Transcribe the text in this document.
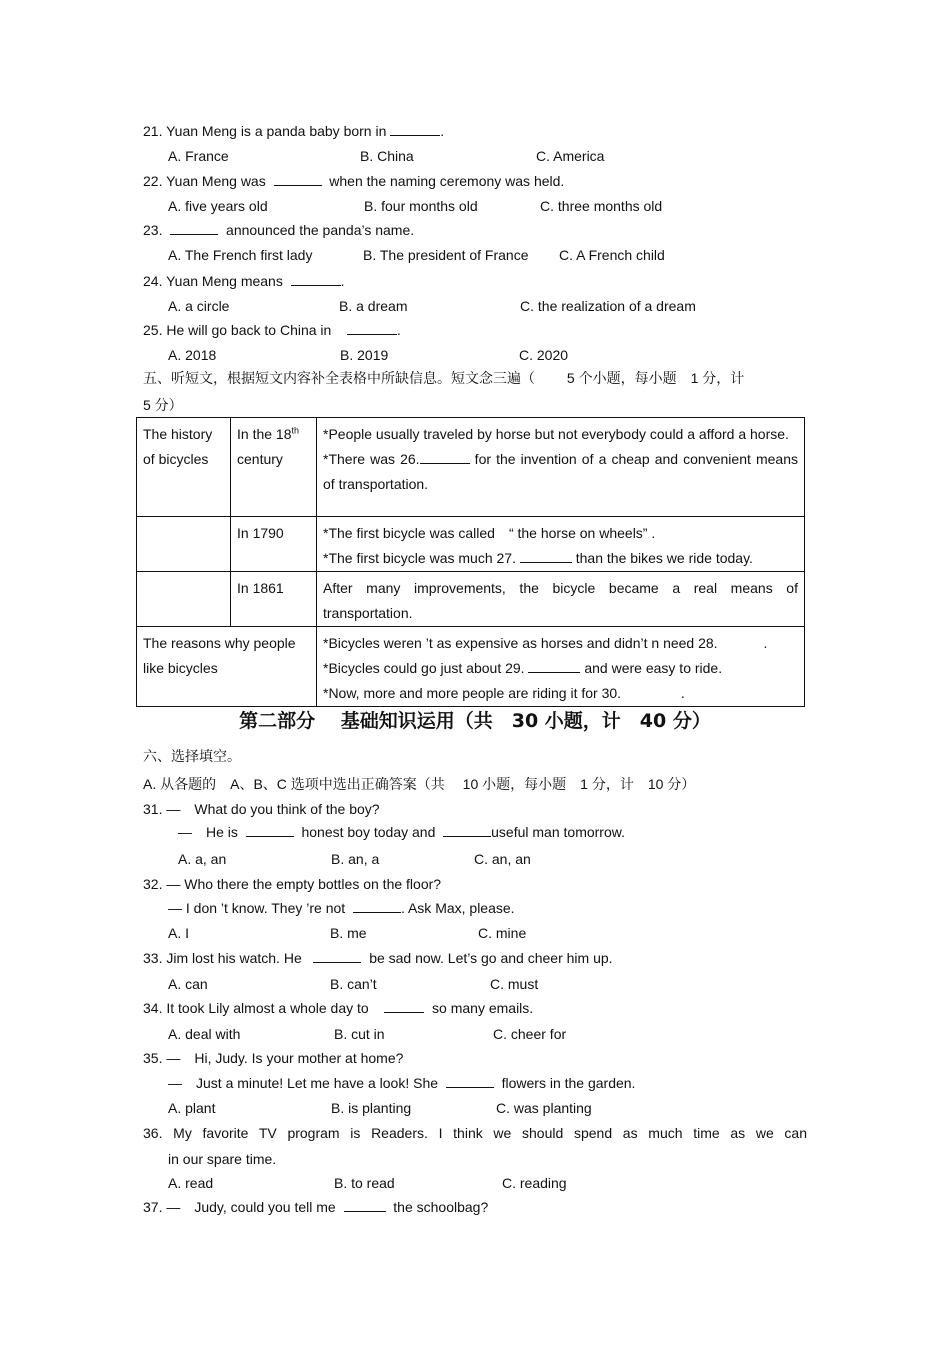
21. Yuan Meng is a panda baby born in	.
A. France	B. China	C. America
22. Yuan Meng was	when the naming ceremony was held.
A. five years old	B. four months old	C. three months old
23.	announced the panda’s name.
A. The French first lady	B. The president of France C. A French child
24. Yuan Meng means	.
A. a circle	B. a dream	C. the realization of a dream
25. He will go back to China in	.
A. 2018	B. 2019	C. 2020
五、听短文，根据短文内容补全表格中所缺信息。短文念三遍（　　 5 个小题，每小题　1 分，计
5 分）
The history of bicycles	In the 18th century	*People usually traveled by horse but not everybody could a afford a horse.

*There was 26. for the invention of a cheap and convenient means of transportation.

	In 1790	*The first bicycle was called　“ the horse on wheels” .

*The first bicycle was much 27. than the bikes we ride today.

	In 1861	After many improvements, the bicycle became a real means of transportation.
The reasons why people like bicycles		*Bicycles weren ’t as expensive as horses and didn’t n need 28.　　　 .

*Bicycles could go just about 29. and were easy to ride.

*Now, more and more people are riding it for 30.　　　 　.

第二部分　 基础知识运用（共　30 小题，计　40 分）
六、选择填空。
A. 从各题的　A、B、C 选项中选出正确答案（共　 10 小题，每小题　1 分，计　10 分）
31. —　What do you think of the boy?
—　He is	honest boy today and	useful man tomorrow.
A. a, an	B. an, a	C. an, an
32. — Who there the empty bottles on the floor?
— I don ’t know. They ’re not	. Ask Max, please.
A. I	B. me	C. mine
33. Jim lost his watch. He	be sad now. Let’s go and cheer him up.
A. can	B. can’t	C. must
34. It took Lily almost a whole day to	so many emails.
A. deal with	B. cut in	C. cheer for
35. —　Hi, Judy. Is your mother at home?
—　Just a minute! Let me have a look! She	flowers in the garden.
A. plant	B. is planting	C. was planting
36. My favorite TV program is Readers. I think we should spend as much time as we can
in our spare time.
A. read	B. to read	C. reading
37. —　Judy, could you tell me	the schoolbag?
